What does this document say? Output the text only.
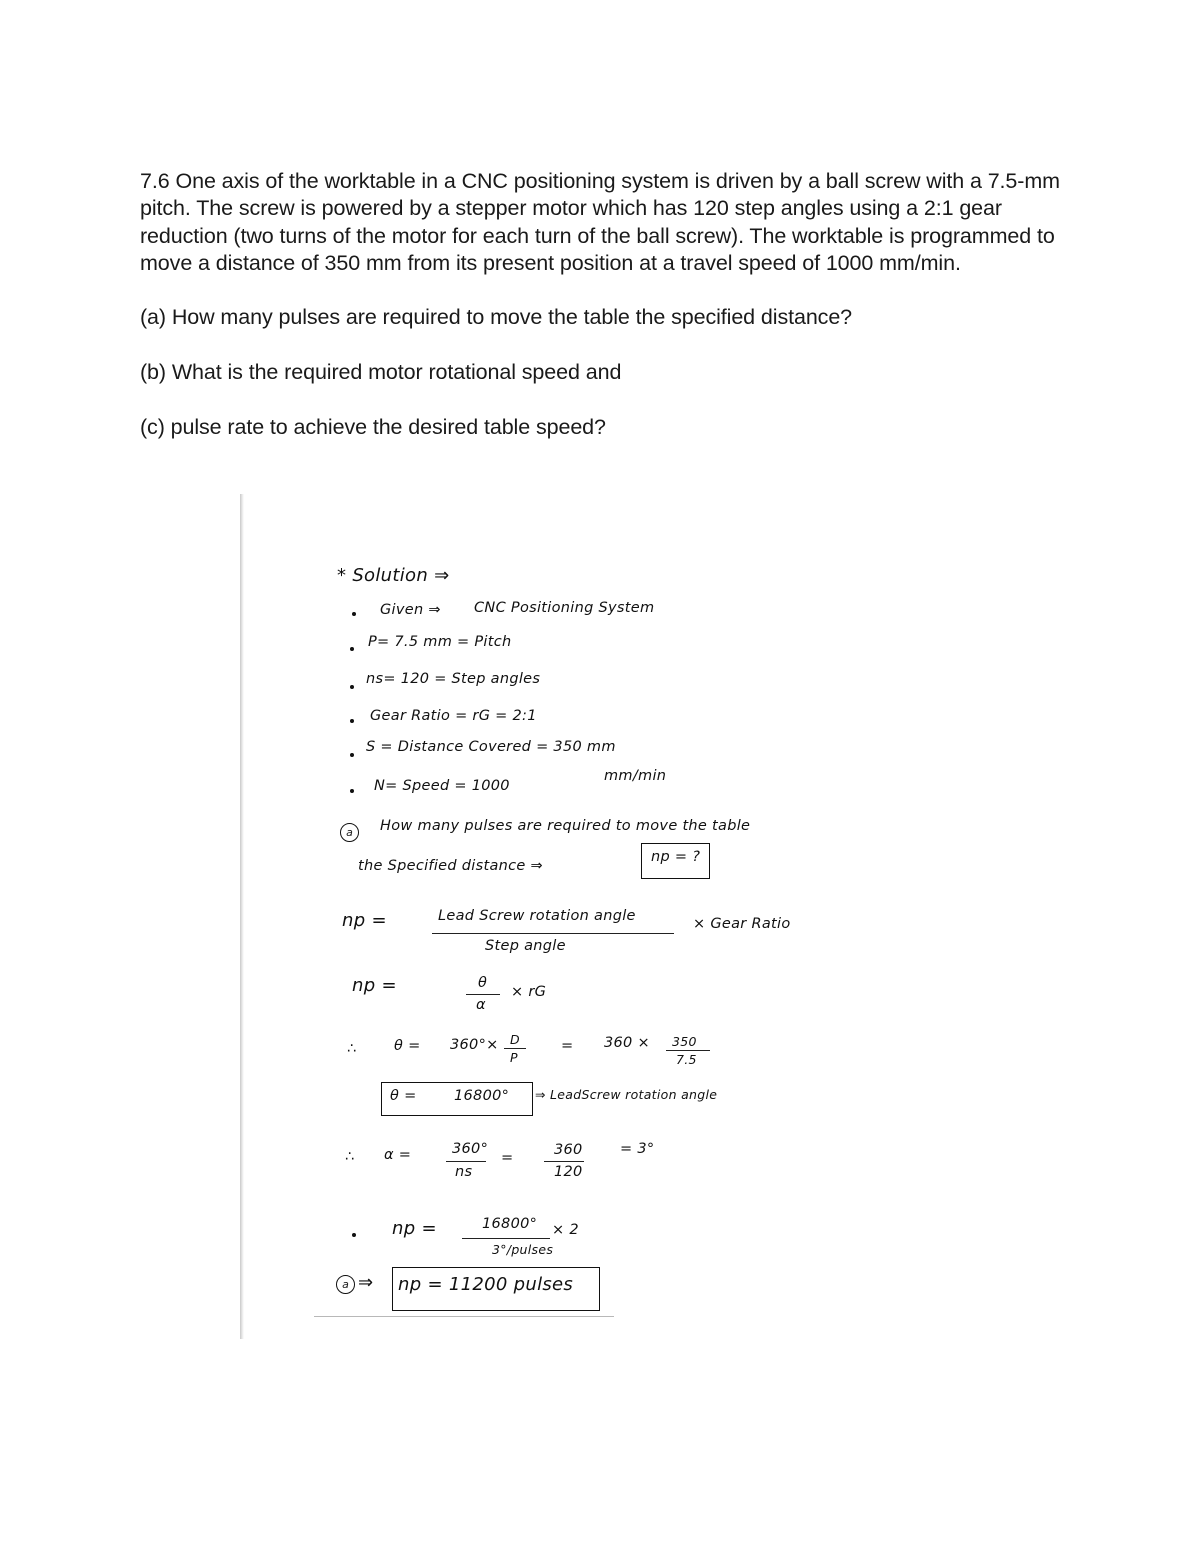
7.6 One axis of the worktable in a CNC positioning system is driven by a ball screw with a 7.5-mm pitch. The screw is powered by a stepper motor which has 120 step angles using a 2:1 gear reduction (two turns of the motor for each turn of the ball screw). The worktable is programmed to move a distance of 350 mm from its present position at a travel speed of 1000 mm/min.

(a) How many pulses are required to move the table the specified distance?

(b) What is the required motor rotational speed and

(c) pulse rate to achieve the desired table speed?

* Solution ⇒
Given ⇒ CNC Positioning System
P= 7.5 mm = Pitch
ns= 120 = Step angles
Gear Ratio = rG = 2:1
S = Distance Covered = 350 mm
N= Speed = 1000
mm/min
a	How many pulses are required to move the table
the Specified distance ⇒
np = ?
np =	Lead Screw rotation angle
Step angle
× Gear Ratio
np =	θ
α
× rG
∴	θ = 360°× D
P
= 360 × 350
7.5
θ =	16800° ⇒ LeadScrew rotation angle
∴ α =	360°
ns
=	360
120
= 3°
np =	16800°
3°/pulses
× 2
a ⇒ np = 11200 pulses
